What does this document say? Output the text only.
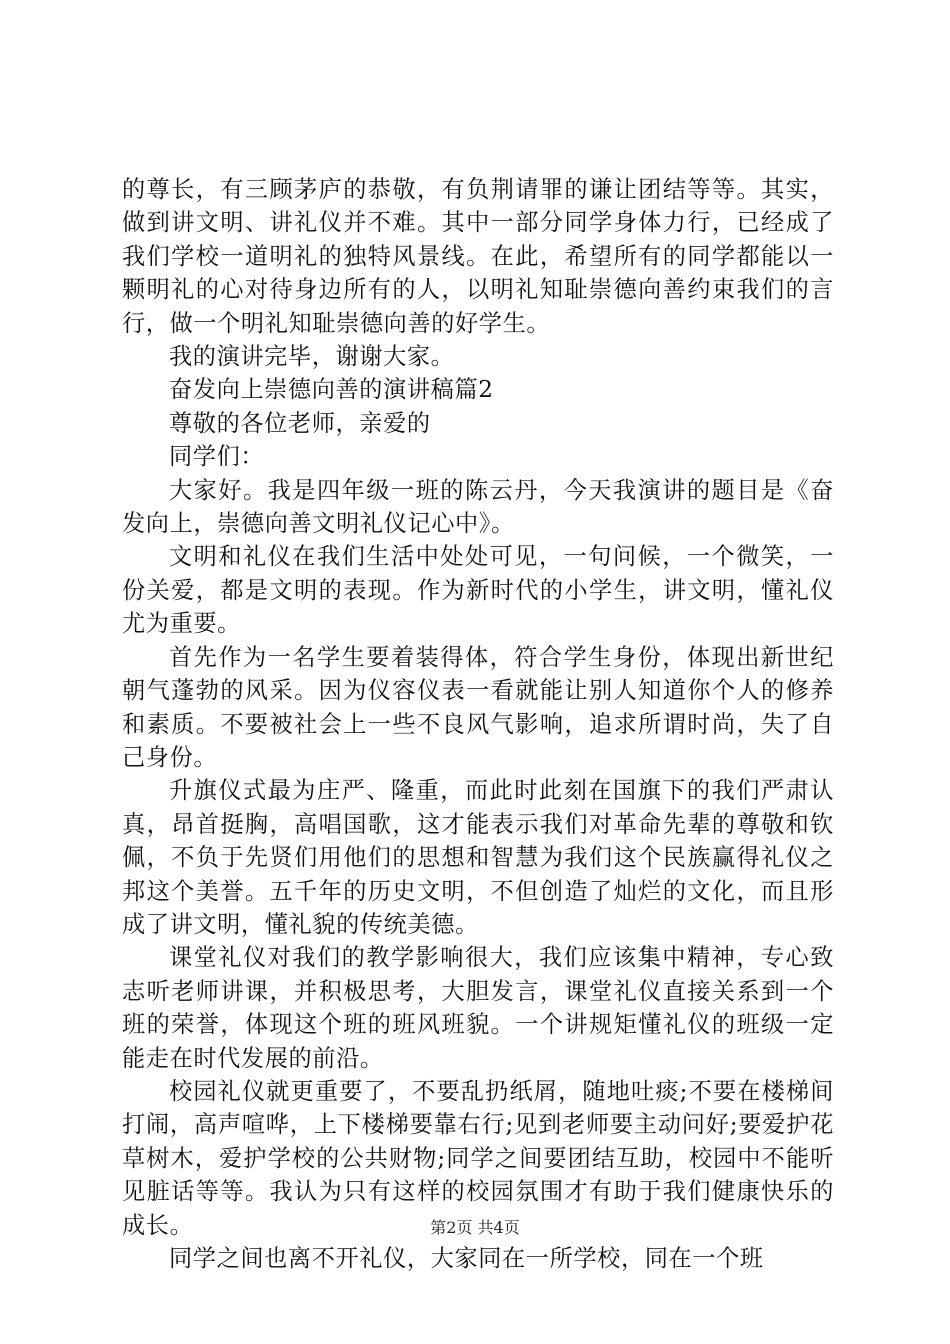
的尊长，有三顾茅庐的恭敬，有负荆请罪的谦让团结等等。其实，做到讲文明、讲礼仪并不难。其中一部分同学身体力行，已经成了我们学校一道明礼的独特风景线。在此，希望所有的同学都能以一颗明礼的心对待身边所有的人，以明礼知耻崇德向善约束我们的言行，做一个明礼知耻崇德向善的好学生。

我的演讲完毕，谢谢大家。

奋发向上崇德向善的演讲稿篇2

尊敬的各位老师，亲爱的

同学们：

大家好。我是四年级一班的陈云丹，今天我演讲的题目是《奋发向上，崇德向善文明礼仪记心中》。

文明和礼仪在我们生活中处处可见，一句问候，一个微笑，一份关爱，都是文明的表现。作为新时代的小学生，讲文明，懂礼仪尤为重要。

首先作为一名学生要着装得体，符合学生身份，体现出新世纪朝气蓬勃的风采。因为仪容仪表一看就能让别人知道你个人的修养和素质。不要被社会上一些不良风气影响，追求所谓时尚，失了自己身份。

升旗仪式最为庄严、隆重，而此时此刻在国旗下的我们严肃认真，昂首挺胸，高唱国歌，这才能表示我们对革命先辈的尊敬和钦佩，不负于先贤们用他们的思想和智慧为我们这个民族赢得礼仪之邦这个美誉。五千年的历史文明，不但创造了灿烂的文化，而且形成了讲文明，懂礼貌的传统美德。

课堂礼仪对我们的教学影响很大，我们应该集中精神，专心致志听老师讲课，并积极思考，大胆发言，课堂礼仪直接关系到一个班的荣誉，体现这个班的班风班貌。一个讲规矩懂礼仪的班级一定能走在时代发展的前沿。

校园礼仪就更重要了，不要乱扔纸屑，随地吐痰;不要在楼梯间打闹，高声喧哗，上下楼梯要靠右行;见到老师要主动问好;要爱护花草树木，爱护学校的公共财物;同学之间要团结互助，校园中不能听见脏话等等。我认为只有这样的校园氛围才有助于我们健康快乐的成长。

同学之间也离不开礼仪，大家同在一所学校，同在一个班

第2页 共4页
